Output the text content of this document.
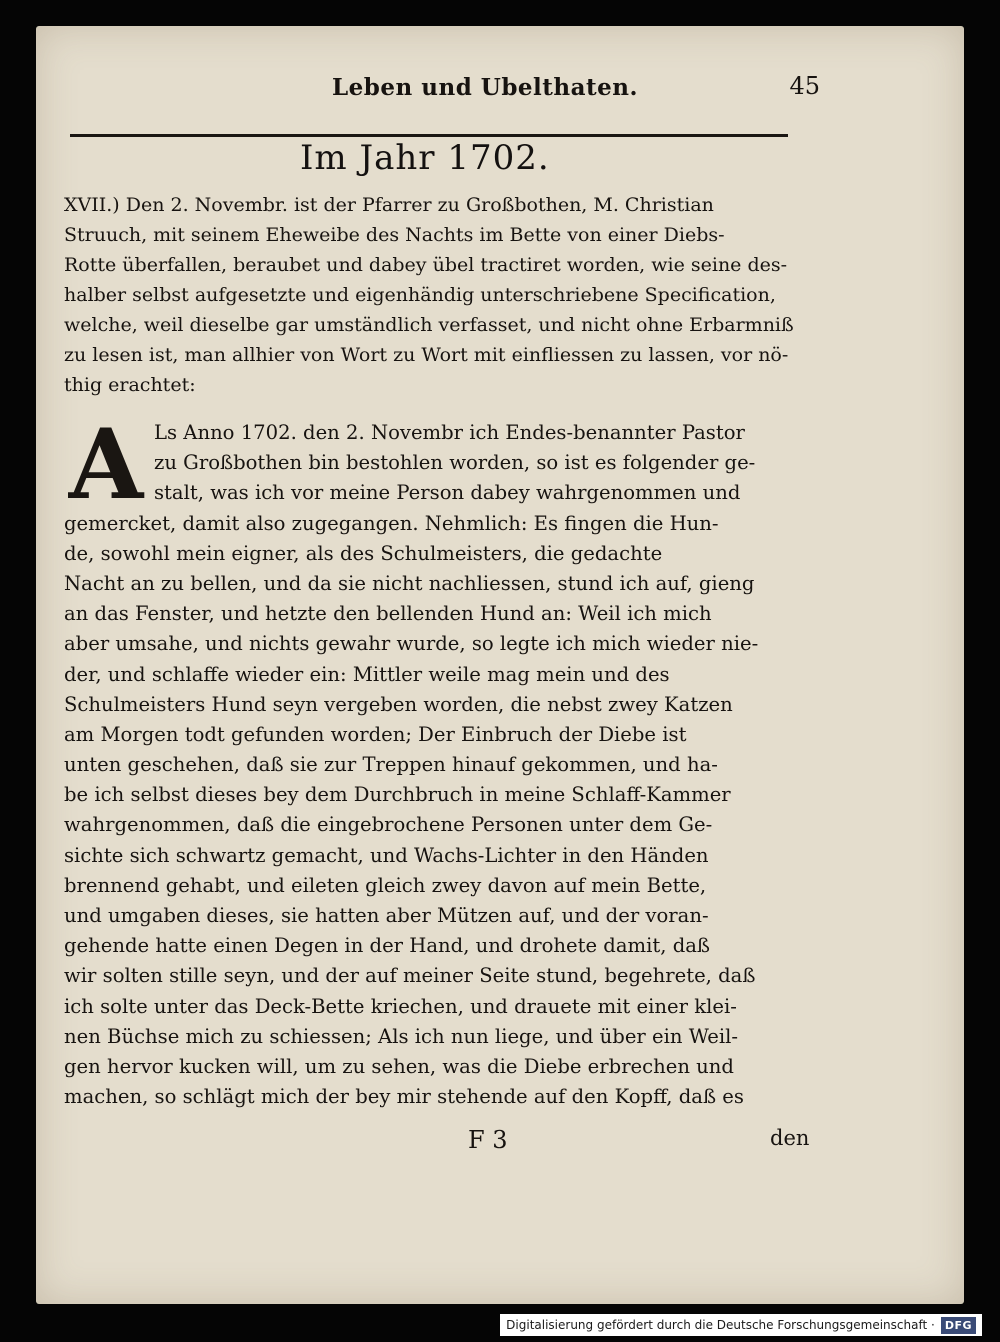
Leben und Ubelthaten.	45
Im Jahr 1702.

XVII.) Den 2. Novembr. ist der Pfarrer zu Großbothen, M. Christian
Struuch, mit seinem Eheweibe des Nachts im Bette von einer Diebs-
Rotte überfallen, beraubet und dabey übel tractiret worden, wie seine des-
halber selbst aufgesetzte und eigenhändig unterschriebene Specification,
welche, weil dieselbe gar umständlich verfasset, und nicht ohne Erbarmniß
zu lesen ist, man allhier von Wort zu Wort mit einfliessen zu lassen, vor nö-
thig erachtet:

A Ls Anno 1702. den 2. Novembr ich Endes-benannter Pastor
zu Großbothen bin bestohlen worden, so ist es folgender ge-
stalt, was ich vor meine Person dabey wahrgenommen und
gemercket, damit also zugegangen. Nehmlich: Es fingen die Hun-
de, sowohl mein eigner, als des Schulmeisters, die gedachte
Nacht an zu bellen, und da sie nicht nachliessen, stund ich auf, gieng
an das Fenster, und hetzte den bellenden Hund an: Weil ich mich
aber umsahe, und nichts gewahr wurde, so legte ich mich wieder nie-
der, und schlaffe wieder ein: Mittler weile mag mein und des
Schulmeisters Hund seyn vergeben worden, die nebst zwey Katzen
am Morgen todt gefunden worden; Der Einbruch der Diebe ist
unten geschehen, daß sie zur Treppen hinauf gekommen, und ha-
be ich selbst dieses bey dem Durchbruch in meine Schlaff-Kammer
wahrgenommen, daß die eingebrochene Personen unter dem Ge-
sichte sich schwartz gemacht, und Wachs-Lichter in den Händen
brennend gehabt, und eileten gleich zwey davon auf mein Bette,
und umgaben dieses, sie hatten aber Mützen auf, und der voran-
gehende hatte einen Degen in der Hand, und drohete damit, daß
wir solten stille seyn, und der auf meiner Seite stund, begehrete, daß
ich solte unter das Deck-Bette kriechen, und drauete mit einer klei-
nen Büchse mich zu schiessen; Als ich nun liege, und über ein Weil-
gen hervor kucken will, um zu sehen, was die Diebe erbrechen und
machen, so schlägt mich der bey mir stehende auf den Kopff, daß es

F 3	den
Digitalisierung gefördert durch die Deutsche Forschungsgemeinschaft · DFG
